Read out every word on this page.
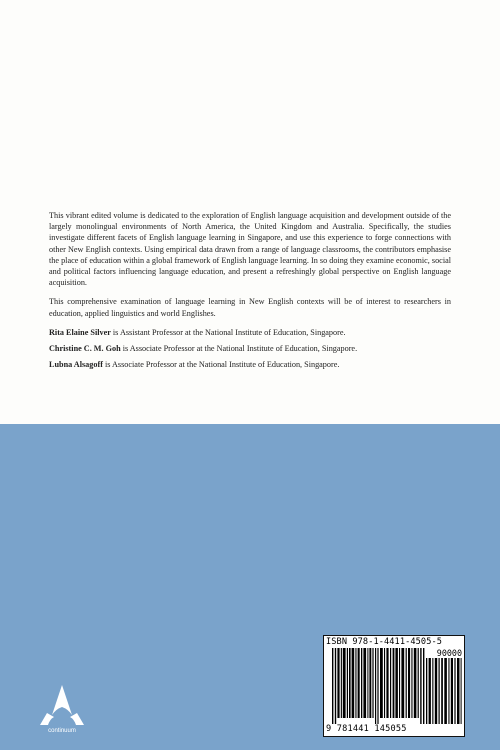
This vibrant edited volume is dedicated to the exploration of English language acquisition and development outside of the largely monolingual environments of North America, the United Kingdom and Australia. Specifically, the studies investigate different facets of English language learning in Singapore, and use this experience to forge connections with other New English contexts. Using empirical data drawn from a range of language classrooms, the contributors emphasise the place of education within a global framework of English language learning. In so doing they examine economic, social and political factors influencing language education, and present a refreshingly global perspective on English language acquisition.

This comprehensive examination of language learning in New English contexts will be of interest to researchers in education, applied linguistics and world Englishes.

Rita Elaine Silver is Assistant Professor at the National Institute of Education, Singapore.
Christine C. M. Goh is Associate Professor at the National Institute of Education, Singapore.
Lubna Alsagoff is Associate Professor at the National Institute of Education, Singapore.
continuum
ISBN 978-1-4411-4505-5
90000
9 781441 145055
